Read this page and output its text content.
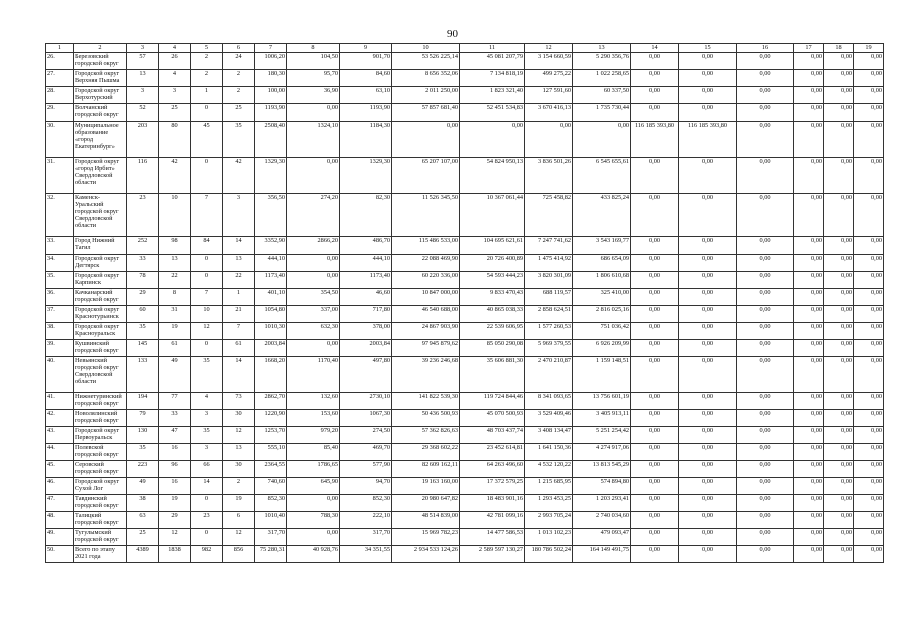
90
1	2	3	4	5	6	7	8	9	10	11	12	13	14	15	16	17	18	19
26.	Березовский городской округ	57	26	2	24	1006,20	104,50	901,70	53 526 225,14	45 081 207,79	3 154 660,59	5 290 356,76	0,00	0,00	0,00	0,00	0,00	0,00
27.	Городской округ Верхняя Пышма	13	4	2	2	180,30	95,70	84,60	8 656 352,06	7 134 818,19	499 275,22	1 022 258,65	0,00	0,00	0,00	0,00	0,00	0,00
28.	Городской округ Верхотурский	3	3	1	2	100,00	36,90	63,10	2 011 250,00	1 823 321,40	127 591,60	60 337,50	0,00	0,00	0,00	0,00	0,00	0,00
29.	Волчанский городской округ	52	25	0	25	1193,90	0,00	1193,90	57 857 681,40	52 451 534,83	3 670 416,13	1 735 730,44	0,00	0,00	0,00	0,00	0,00	0,00
30.	Муниципальное образование «город Екатеринбург»	203	80	45	35	2508,40	1324,10	1184,30	0,00	0,00	0,00	0,00	116 185 393,80	116 185 393,80	0,00	0,00	0,00	0,00
31.	Городской округ «город Ирбит» Свердловской области	116	42	0	42	1329,30	0,00	1329,30	65 207 107,00	54 824 950,13	3 836 501,26	6 545 655,61	0,00	0,00	0,00	0,00	0,00	0,00
32.	Каменск-Уральский городской округ Свердловской области	23	10	7	3	356,50	274,20	82,30	11 526 345,50	10 367 061,44	725 458,82	433 825,24	0,00	0,00	0,00	0,00	0,00	0,00
33.	Город Нижний Тагил	252	98	84	14	3352,90	2866,20	486,70	115 486 533,00	104 695 621,61	7 247 741,62	3 543 169,77	0,00	0,00	0,00	0,00	0,00	0,00
34.	Городской округ Дегтярск	33	13	0	13	444,10	0,00	444,10	22 088 469,90	20 726 400,89	1 475 414,92	686 654,09	0,00	0,00	0,00	0,00	0,00	0,00
35.	Городской округ Карпинск	78	22	0	22	1173,40	0,00	1173,40	60 220 336,00	54 593 444,23	3 820 301,09	1 806 610,68	0,00	0,00	0,00	0,00	0,00	0,00
36.	Качканарский городской округ	29	8	7	1	401,10	354,50	46,60	10 847 000,00	9 833 470,43	688 119,57	325 410,00	0,00	0,00	0,00	0,00	0,00	0,00
37.	Городской округ Краснотурьинск	60	31	10	21	1054,80	337,00	717,80	46 540 688,00	40 865 038,33	2 858 624,51	2 816 025,16	0,00	0,00	0,00	0,00	0,00	0,00
38.	Городской округ Красноуральск	35	19	12	7	1010,30	632,30	378,00	24 867 903,90	22 539 606,95	1 577 260,53	751 036,42	0,00	0,00	0,00	0,00	0,00	0,00
39.	Кушвинский городской округ	145	61	0	61	2003,84	0,00	2003,84	97 945 879,62	85 050 290,08	5 969 379,55	6 926 209,99	0,00	0,00	0,00	0,00	0,00	0,00
40.	Невьянский городской округ Свердловской области	133	49	35	14	1668,20	1170,40	497,80	39 236 246,68	35 606 881,30	2 470 210,87	1 159 148,51	0,00	0,00	0,00	0,00	0,00	0,00
41.	Нижнетуринский городской округ	194	77	4	73	2862,70	132,60	2730,10	141 822 539,30	119 724 844,46	8 341 093,65	13 756 601,19	0,00	0,00	0,00	0,00	0,00	0,00
42.	Новолялинский городской округ	79	33	3	30	1220,90	153,60	1067,30	50 436 500,93	45 070 500,93	3 529 409,46	3 405 913,11	0,00	0,00	0,00	0,00	0,00	0,00
43.	Городской округ Первоуральск	130	47	35	12	1253,70	979,20	274,50	57 362 826,63	48 703 437,74	3 408 134,47	5 251 254,42	0,00	0,00	0,00	0,00	0,00	0,00
44.	Полевской городской округ	35	16	3	13	555,10	85,40	469,70	29 368 602,22	23 452 614,81	1 641 150,36	4 274 917,06	0,00	0,00	0,00	0,00	0,00	0,00
45.	Серовский городской округ	223	96	66	30	2364,55	1786,65	577,90	82 609 162,11	64 263 496,60	4 532 120,22	13 813 545,29	0,00	0,00	0,00	0,00	0,00	0,00
46.	Городской округ Сухой Лог	49	16	14	2	740,60	645,90	94,70	19 163 160,00	17 372 579,25	1 215 685,95	574 894,80	0,00	0,00	0,00	0,00	0,00	0,00
47.	Тавдинский городской округ	38	19	0	19	852,30	0,00	852,30	20 980 647,82	18 483 901,16	1 293 453,25	1 203 293,41	0,00	0,00	0,00	0,00	0,00	0,00
48.	Талицкий городской округ	63	29	23	6	1010,40	788,30	222,10	48 514 839,00	42 781 099,16	2 993 705,24	2 740 034,60	0,00	0,00	0,00	0,00	0,00	0,00
49.	Тугулымский городской округ	25	12	0	12	317,70	0,00	317,70	15 969 782,23	14 477 586,53	1 013 102,23	479 093,47	0,00	0,00	0,00	0,00	0,00	0,00
50.	Всего по этапу 2021 года	4389	1838	982	856	75 280,31	40 928,76	34 351,55	2 934 533 124,26	2 589 597 130,27	180 786 502,24	164 149 491,75	0,00	0,00	0,00	0,00	0,00	0,00
